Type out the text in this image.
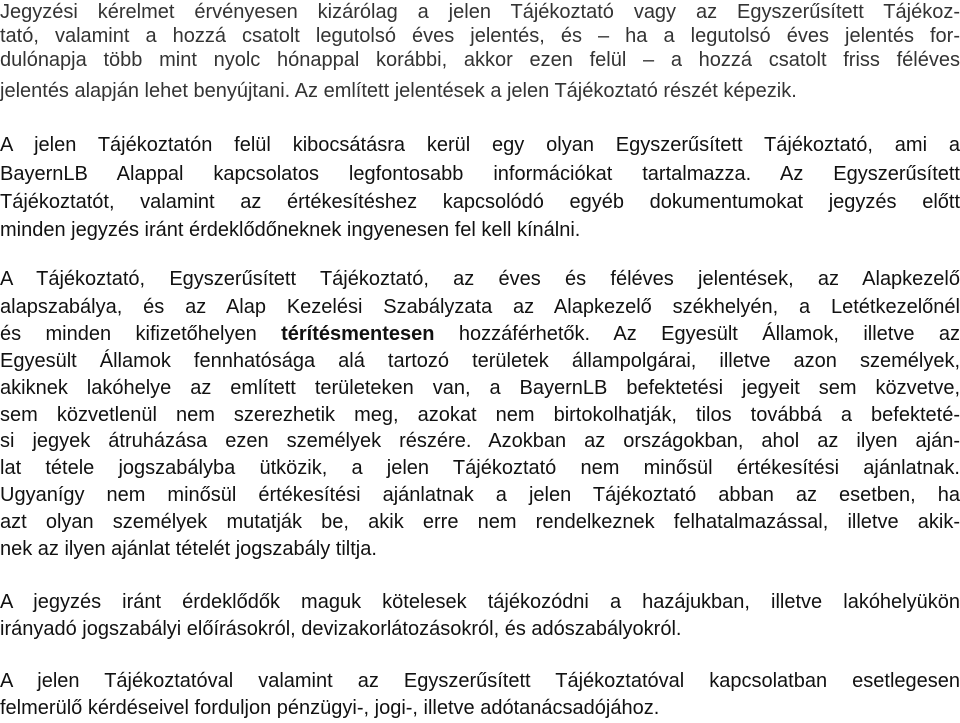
Jegyzési kérelmet érvényesen kizárólag a jelen Tájékoztató vagy az Egyszerűsített Tájékoz-
tató, valamint a hozzá csatolt legutolsó éves jelentés, és – ha a legutolsó éves jelentés for-
dulónapja több mint nyolc hónappal korábbi, akkor ezen felül – a hozzá csatolt friss féléves
jelentés alapján lehet benyújtani. Az említett jelentések a jelen Tájékoztató részét képezik.
A jelen Tájékoztatón felül kibocsátásra kerül egy olyan Egyszerűsített Tájékoztató, ami a
BayernLB Alappal kapcsolatos legfontosabb információkat tartalmazza. Az Egyszerűsített
Tájékoztatót, valamint az értékesítéshez kapcsolódó egyéb dokumentumokat jegyzés előtt
minden jegyzés iránt érdeklődőneknek ingyenesen fel kell kínálni.
A Tájékoztató, Egyszerűsített Tájékoztató, az éves és féléves jelentések, az Alapkezelő
alapszabálya, és az Alap Kezelési Szabályzata az Alapkezelő székhelyén, a Letétkezelőnél
és minden kifizetőhelyen térítésmentesen hozzáférhetők. Az Egyesült Államok, illetve az
Egyesült Államok fennhatósága alá tartozó területek állampolgárai, illetve azon személyek,
akiknek lakóhelye az említett területeken van, a BayernLB befektetési jegyeit sem közvetve,
sem közvetlenül nem szerezhetik meg, azokat nem birtokolhatják, tilos továbbá a befekteté-
si jegyek átruházása ezen személyek részére. Azokban az országokban, ahol az ilyen aján-
lat tétele jogszabályba ütközik, a jelen Tájékoztató nem minősül értékesítési ajánlatnak.
Ugyanígy nem minősül értékesítési ajánlatnak a jelen Tájékoztató abban az esetben, ha
azt olyan személyek mutatják be, akik erre nem rendelkeznek felhatalmazással, illetve akik-
nek az ilyen ajánlat tételét jogszabály tiltja.
A jegyzés iránt érdeklődők maguk kötelesek tájékozódni a hazájukban, illetve lakóhelyükön
irányadó jogszabályi előírásokról, devizakorlátozásokról, és adószabályokról.
A jelen Tájékoztatóval valamint az Egyszerűsített Tájékoztatóval kapcsolatban esetlegesen
felmerülő kérdéseivel forduljon pénzügyi-, jogi-, illetve adótanácsadójához.
